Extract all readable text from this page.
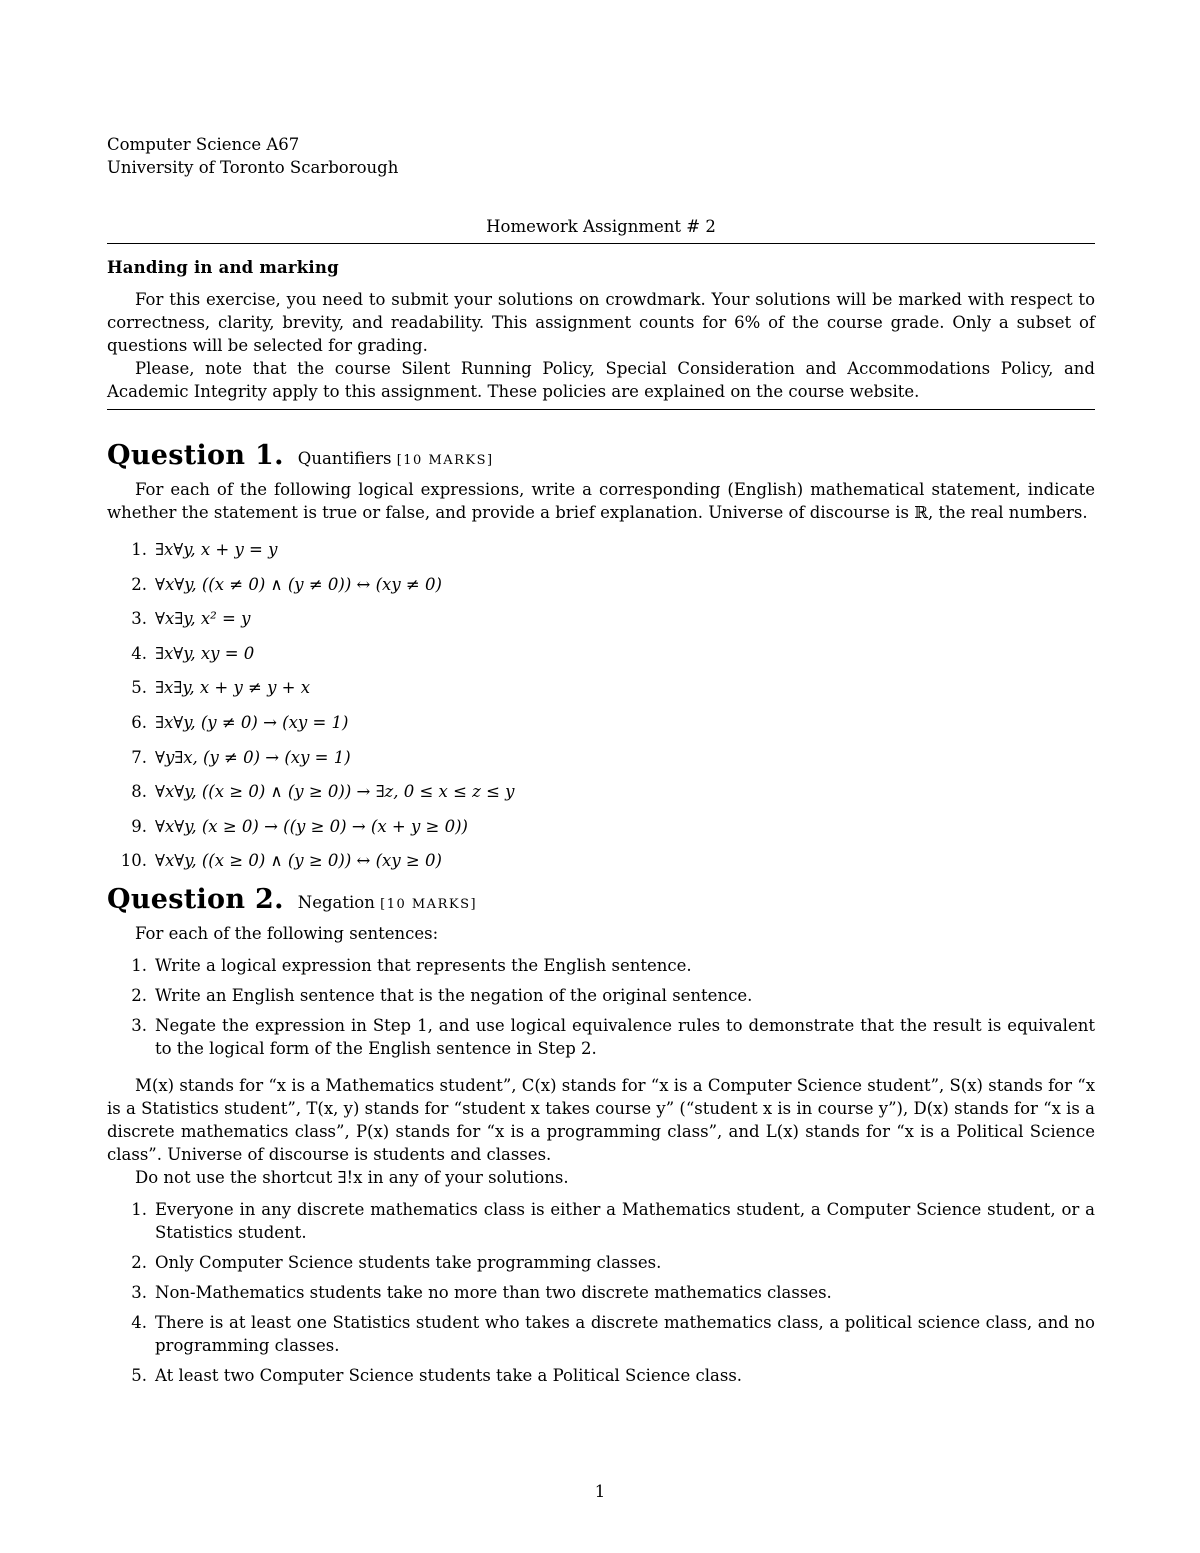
Computer Science A67
University of Toronto Scarborough
Homework Assignment # 2
Handing in and marking

For this exercise, you need to submit your solutions on crowdmark. Your solutions will be marked with respect to correctness, clarity, brevity, and readability. This assignment counts for 6% of the course grade. Only a subset of questions will be selected for grading.

Please, note that the course Silent Running Policy, Special Consideration and Accommodations Policy, and Academic Integrity apply to this assignment. These policies are explained on the course website.

Question 1. Quantifiers [10 MARKS]

For each of the following logical expressions, write a corresponding (English) mathematical statement, indicate whether the statement is true or false, and provide a brief explanation. Universe of discourse is ℝ, the real numbers.

1. ∃x∀y, x + y = y
2. ∀x∀y, ((x ≠ 0) ∧ (y ≠ 0)) ↔ (xy ≠ 0)
3. ∀x∃y, x² = y
4. ∃x∀y, xy = 0
5. ∃x∃y, x + y ≠ y + x
6. ∃x∀y, (y ≠ 0) → (xy = 1)
7. ∀y∃x, (y ≠ 0) → (xy = 1)
8. ∀x∀y, ((x ≥ 0) ∧ (y ≥ 0)) → ∃z, 0 ≤ x ≤ z ≤ y
9. ∀x∀y, (x ≥ 0) → ((y ≥ 0) → (x + y ≥ 0))
10. ∀x∀y, ((x ≥ 0) ∧ (y ≥ 0)) ↔ (xy ≥ 0)
Question 2. Negation [10 MARKS]

For each of the following sentences:

1. Write a logical expression that represents the English sentence.
2. Write an English sentence that is the negation of the original sentence.
3. Negate the expression in Step 1, and use logical equivalence rules to demonstrate that the result is equivalent to the logical form of the English sentence in Step 2.

M(x) stands for “x is a Mathematics student”, C(x) stands for “x is a Computer Science student”, S(x) stands for “x is a Statistics student”, T(x, y) stands for “student x takes course y” (“student x is in course y”), D(x) stands for “x is a discrete mathematics class”, P(x) stands for “x is a programming class”, and L(x) stands for “x is a Political Science class”. Universe of discourse is students and classes.

Do not use the shortcut ∃!x in any of your solutions.

1. Everyone in any discrete mathematics class is either a Mathematics student, a Computer Science student, or a Statistics student.
2. Only Computer Science students take programming classes.
3. Non-Mathematics students take no more than two discrete mathematics classes.
4. There is at least one Statistics student who takes a discrete mathematics class, a political science class, and no programming classes.
5. At least two Computer Science students take a Political Science class.
1
